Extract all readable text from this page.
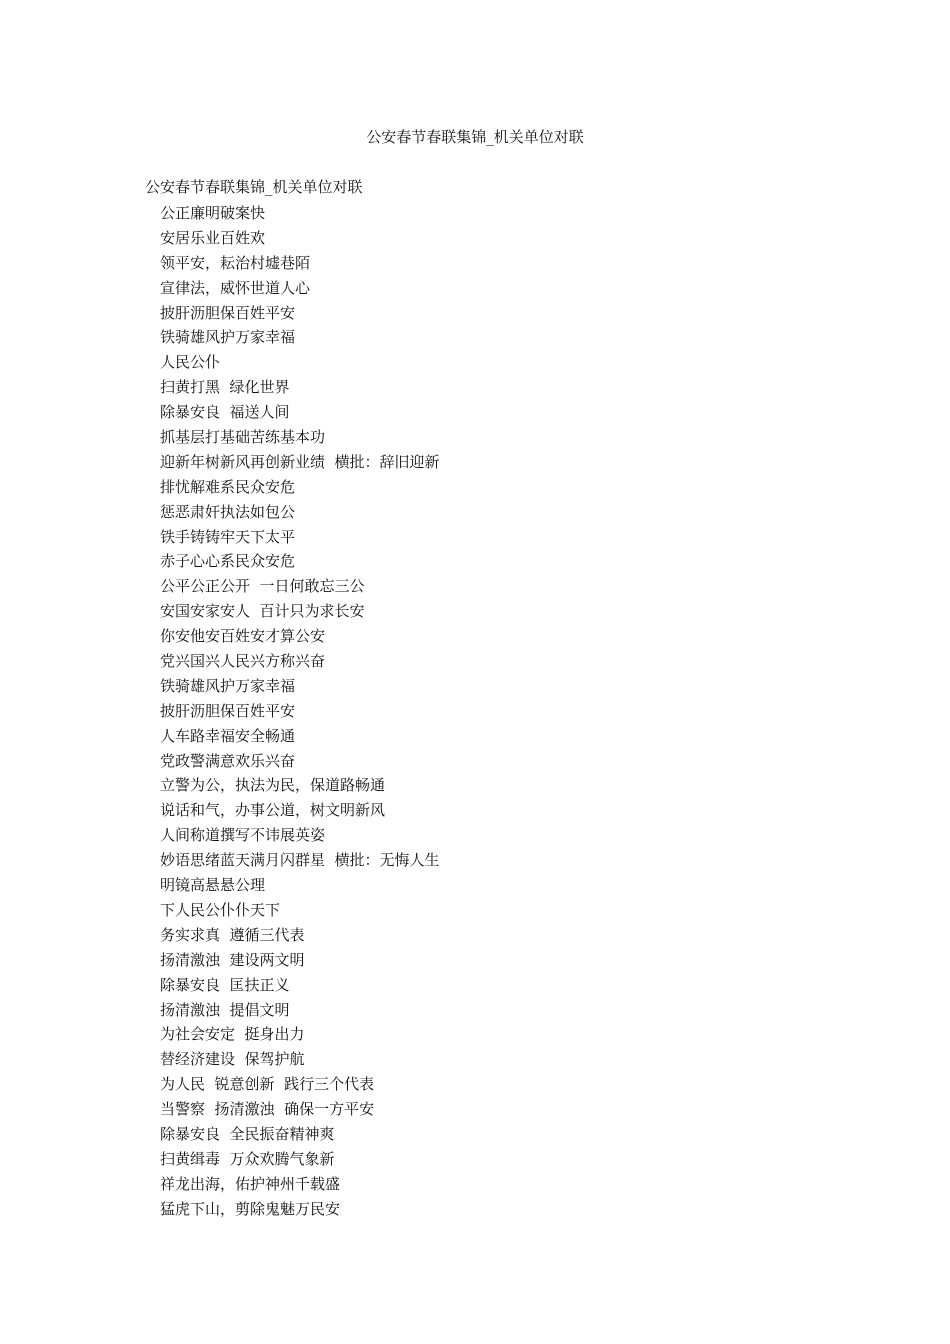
公安春节春联集锦_机关单位对联
公安春节春联集锦_机关单位对联
公正廉明破案快
安居乐业百姓欢
领平安，耘治村墟巷陌
宣律法，威怀世道人心
披肝沥胆保百姓平安
铁骑雄风护万家幸福
人民公仆
扫黄打黑  绿化世界
除暴安良  福送人间
抓基层打基础苦练基本功
迎新年树新风再创新业绩  横批：辞旧迎新
排忧解难系民众安危
惩恶肃奸执法如包公
铁手铸铸牢天下太平
赤子心心系民众安危
公平公正公开  一日何敢忘三公
安国安家安人  百计只为求长安
你安他安百姓安才算公安
党兴国兴人民兴方称兴奋
铁骑雄风护万家幸福
披肝沥胆保百姓平安
人车路幸福安全畅通
党政警满意欢乐兴奋
立警为公，执法为民，保道路畅通
说话和气，办事公道，树文明新风
人间称道撰写不讳展英姿
妙语思绪蓝天满月闪群星  横批：无悔人生
明镜高悬悬公理
下人民公仆仆天下
务实求真  遵循三代表
扬清激浊  建设两文明
除暴安良  匡扶正义
扬清激浊  提倡文明
为社会安定  挺身出力
替经济建设  保驾护航
为人民  锐意创新  践行三个代表
当警察  扬清激浊  确保一方平安
除暴安良  全民振奋精神爽
扫黄缉毒  万众欢腾气象新
祥龙出海，佑护神州千载盛
猛虎下山，剪除鬼魅万民安
